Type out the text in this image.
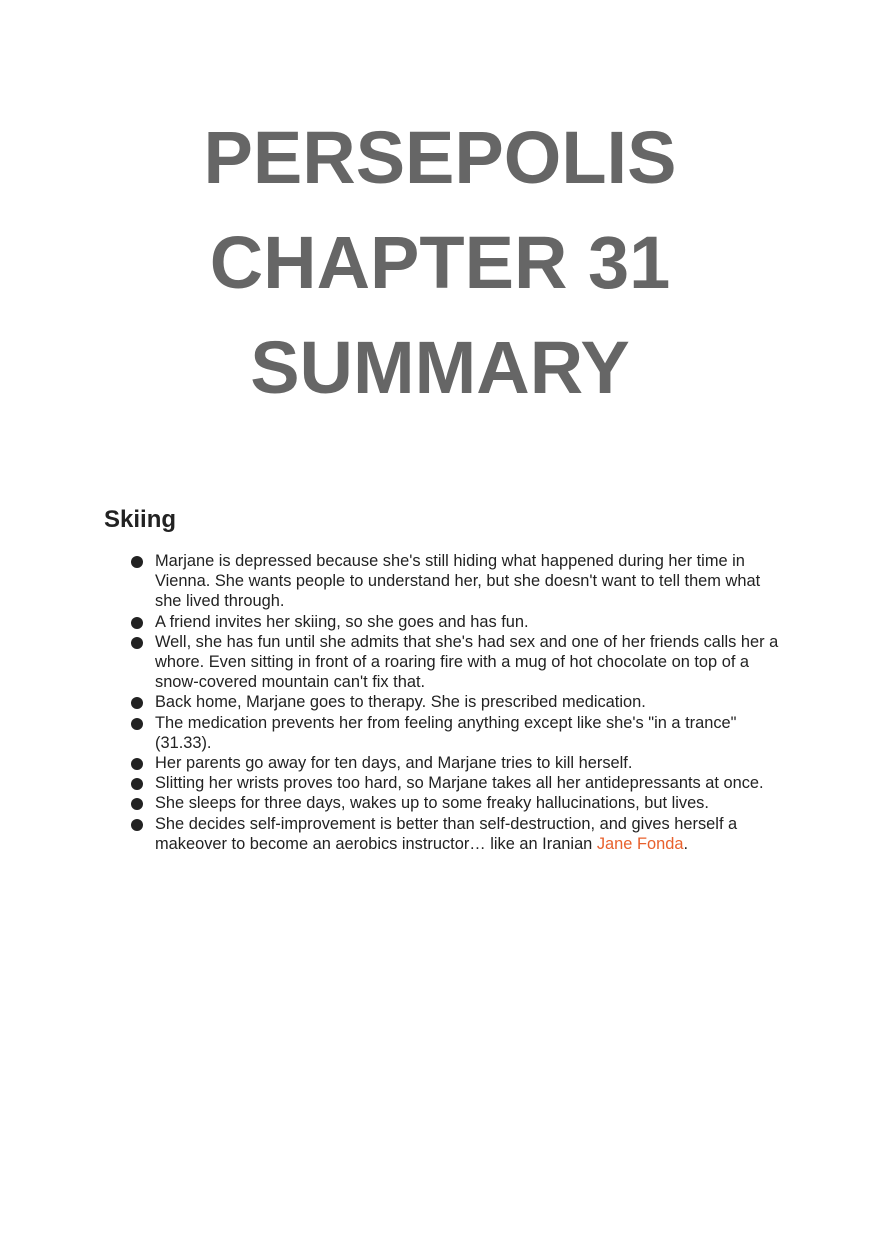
PERSEPOLIS
CHAPTER 31
SUMMARY
Skiing
Marjane is depressed because she's still hiding what happened during her time in Vienna. She wants people to understand her, but she doesn't want to tell them what she lived through.
A friend invites her skiing, so she goes and has fun.
Well, she has fun until she admits that she's had sex and one of her friends calls her a whore. Even sitting in front of a roaring fire with a mug of hot chocolate on top of a snow-covered mountain can't fix that.
Back home, Marjane goes to therapy. She is prescribed medication.
The medication prevents her from feeling anything except like she's "in a trance" (31.33).
Her parents go away for ten days, and Marjane tries to kill herself.
Slitting her wrists proves too hard, so Marjane takes all her antidepressants at once.
She sleeps for three days, wakes up to some freaky hallucinations, but lives.
She decides self-improvement is better than self-destruction, and gives herself a makeover to become an aerobics instructor… like an Iranian Jane Fonda.
